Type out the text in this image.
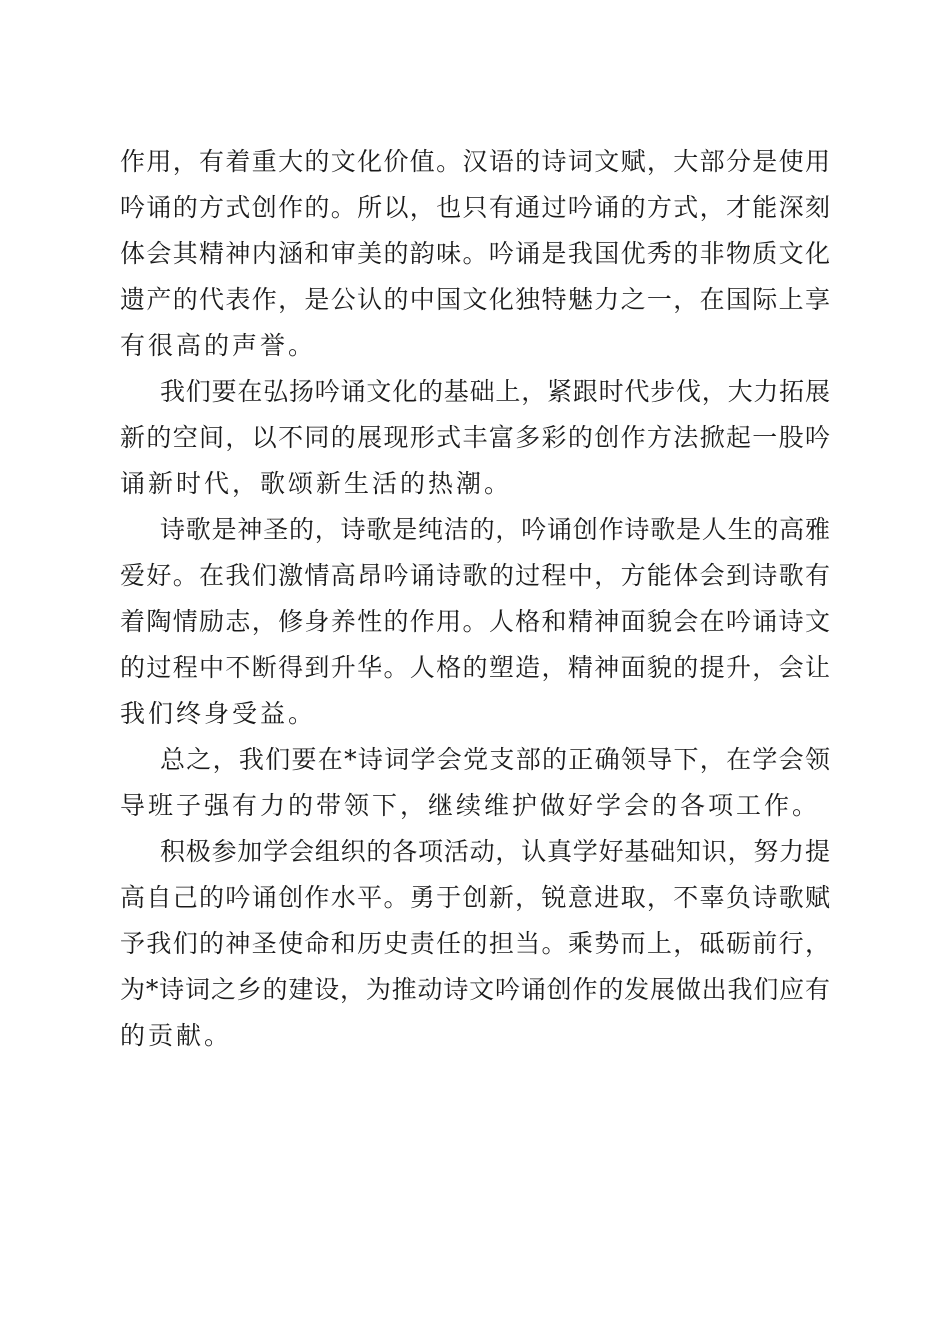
作用，有着重大的文化价值。汉语的诗词文赋，大部分是使用
吟诵的方式创作的。所以，也只有通过吟诵的方式，才能深刻
体会其精神内涵和审美的韵味。吟诵是我国优秀的非物质文化
遗产的代表作，是公认的中国文化独特魅力之一，在国际上享
有很高的声誉。
我们要在弘扬吟诵文化的基础上，紧跟时代步伐，大力拓展
新的空间，以不同的展现形式丰富多彩的创作方法掀起一股吟
诵新时代，歌颂新生活的热潮。
诗歌是神圣的，诗歌是纯洁的，吟诵创作诗歌是人生的高雅
爱好。在我们激情高昂吟诵诗歌的过程中，方能体会到诗歌有
着陶情励志，修身养性的作用。人格和精神面貌会在吟诵诗文
的过程中不断得到升华。人格的塑造，精神面貌的提升，会让
我们终身受益。
总之，我们要在*诗词学会党支部的正确领导下，在学会领
导班子强有力的带领下，继续维护做好学会的各项工作。
积极参加学会组织的各项活动，认真学好基础知识，努力提
高自己的吟诵创作水平。勇于创新，锐意进取，不辜负诗歌赋
予我们的神圣使命和历史责任的担当。乘势而上，砥砺前行，
为*诗词之乡的建设，为推动诗文吟诵创作的发展做出我们应有
的贡献。
